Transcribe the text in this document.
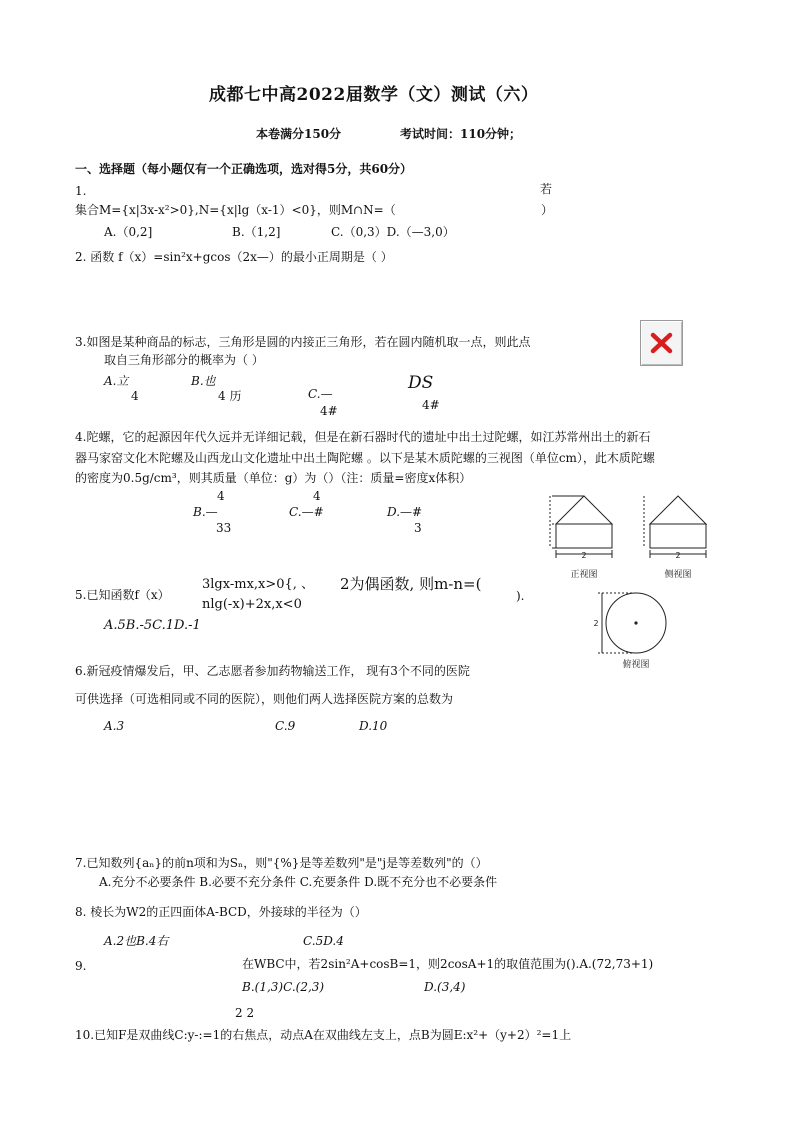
成都七中高2022届数学（文）测试（六）
本卷满分150分	考试时间：110分钟；
一、选择题（每小题仅有一个正确选项，选对得5分，共60分）
1.	若
集合M={x|3x-x²>0},N={x|lg（x-1）<0}，则M∩N=（	）
A.（0,2]	B.（1,2]	C.（0,3）D.（—3,0）
2. 函数 f（x）=sin²x+gcos（2x—）的最小正周期是（ ）
3.如图是某种商品的标志，三角形是圆的内接正三角形，若在圆内随机取一点，则此点
取自三角形部分的概率为（ ）
A.立
4
B.也
4 历	C.—
4#
DS
4#
4.陀螺，它的起源因年代久远并无详细记载，但是在新石器时代的遗址中出土过陀螺，如江苏常州出土的新石
器马家窑文化木陀螺及山西龙山文化遗址中出土陶陀螺 。以下是某木质陀螺的三视图（单位cm），此木质陀螺
的密度为0.5g/cm³，则其质量（单位：g）为（）（注：质量=密度x体积）
4
B.—
33
4
C.—#	D.—#
3
2
正视图
2
侧视图
2
俯视图
5.已知函数f（x）
3lgx-mx,x>0{, 、
nlg(-x)+2x,x<0
2为偶函数, 则m-n=(
).
A.5B.-5C.1D.-1
6.新冠疫情爆发后，甲、乙志愿者参加药物输送工作， 现有3个不同的医院
可供选择（可选相同或不同的医院），则他们两人选择医院方案的总数为
A.3	C.9	D.10
7.已知数列{aₙ}的前n项和为Sₙ，则"{%}是等差数列"是"j是等差数列"的（）
A.充分不必要条件 B.必要不充分条件 C.充要条件 D.既不充分也不必要条件
8. 棱长为W2的正四面体A-BCD，外接球的半径为（）
A.2也B.4右	C.5D.4
9.	在WBC中，若2sin²A+cosB=1，则2cosA+1的取值范围为().A.(72,73+1)
B.(1,3)C.(2,3)	D.(3,4)
2 2
10.已知F是双曲线C:y-:=1的右焦点，动点A在双曲线左支上，点B为圆E:x²+（y+2）²=1上
